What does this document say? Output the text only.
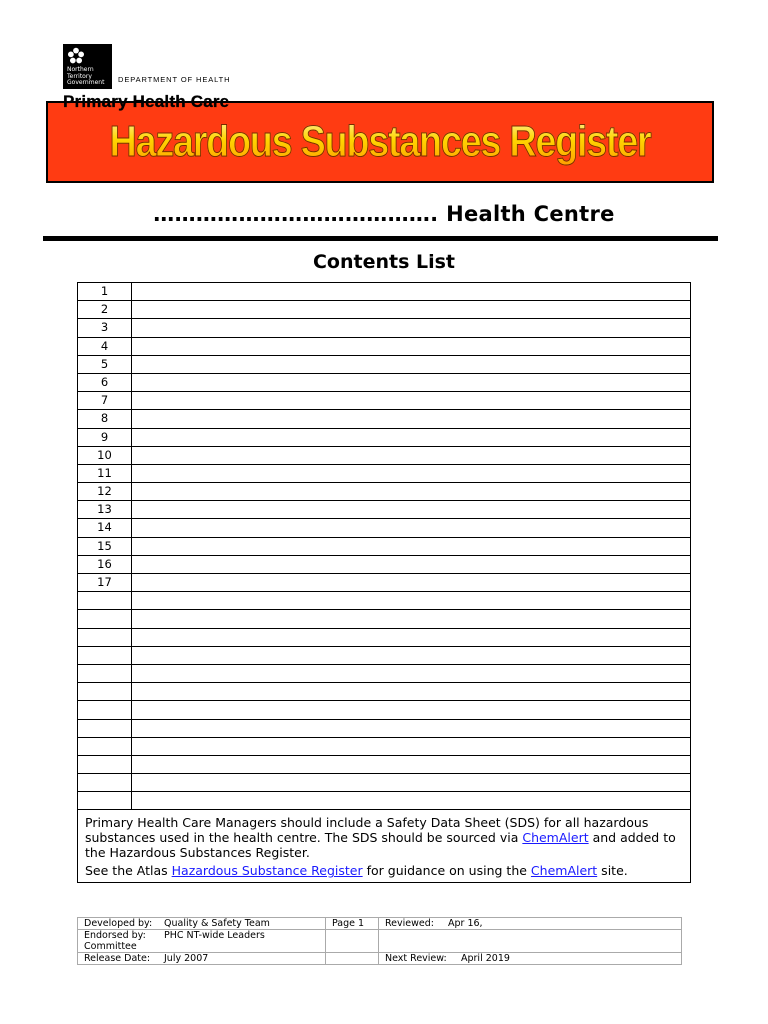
Northern
Territory
Government DEPARTMENT OF HEALTH
Primary Health Care
Hazardous Substances Register
…………………………………. Health Centre
Contents List
1
2
3
4
5
6
7
8
9
10
11
12
13
14
15
16
17

Primary Health Care Managers should include a Safety Data Sheet (SDS) for all hazardous substances used in the health centre. The SDS should be sourced via ChemAlert and added to the Hazardous Substances Register.

See the Atlas Hazardous Substance Register for guidance on using the ChemAlert site.

Developed by: Quality & Safety Team	Page 1	Reviewed: Apr 16,
Endorsed by: PHC NT-wide Leaders Committee		
Release Date: July 2007		Next Review: April 2019
